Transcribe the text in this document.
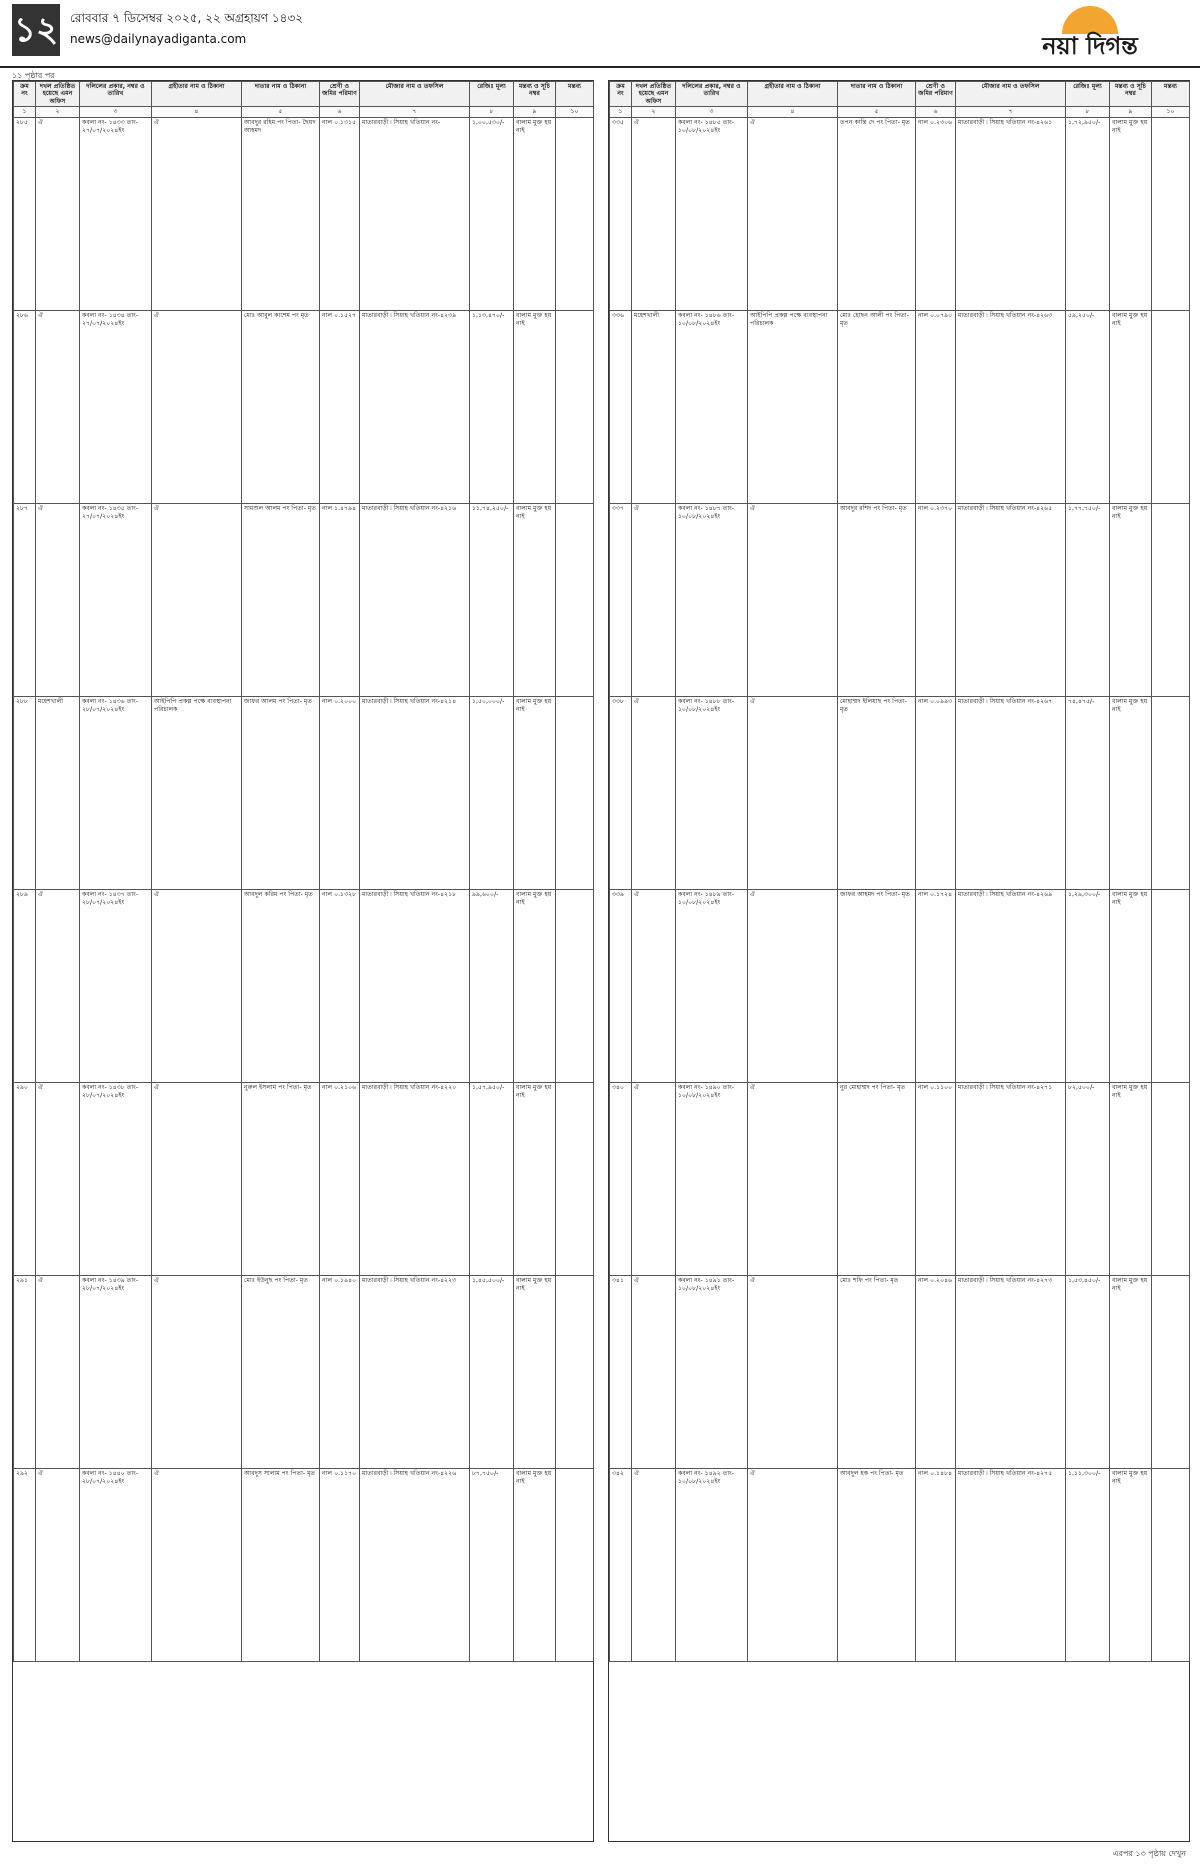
১২ রোববার ৭ ডিসেম্বর ২০২৫, ২২ অগ্রহায়ণ ১৪৩২
news@dailynayadiganta.com	নয়া দিগন্ত
১১ পৃষ্ঠার পর
ক্রম নং	দখল প্রতিষ্ঠিত হয়েছে এমন অফিস	দলিলের প্রকার, নম্বর ও তারিখ	গ্রহীতার নাম ও ঠিকানা	দাতার নাম ও ঠিকানা	শ্রেণী ও জমির পরিমাণ	মৌজার নাম ও তফসিল	রেজিঃ মূল্য	মন্তব্য ও সূচি নম্বর	মন্তব্য
১	২	৩	৪	৫	৬	৭	৮	৯	১০
২৮৫	ঐ	কবলা নং- ১৪৩৩ তাং- ২৭/০৭/২০২৪ইং	ঐ	আবদুর রহিম পং পিতা- ছৈয়দ আহমদ	নাল ০.১৩১৫	মাতারবাড়ী ৷ সিয়াহ খতিয়ান নং-	১,০০,৫৩০/-	বালাম মুক্ত হয় নাই	
২৮৬	ঐ	কবলা নং- ১৪৩৪ তাং- ২৭/০৭/২০২৪ইং	ঐ	মোঃ আবুল কাশেম পং মৃত	নাল ০.১৫২৭	মাতারবাড়ী ৷ সিয়াহ খতিয়ান নং-৪২৩৯	১,১৩,৪৭০/-	বালাম মুক্ত হয় নাই	
২৮৭	ঐ	কবলা নং- ১৪৩৫ তাং- ২৭/০৭/২০২৪ইং	ঐ	সামশুল আলম পং পিতা- মৃত	নাল ১.৪৭৯৪	মাতারবাড়ী ৷ সিয়াহ খতিয়ান নং-৪২১৬	১১,৭৪,২৫০/-	বালাম মুক্ত হয় নাই	
২৮৮	মহেশখালী	কবলা নং- ১৪৩৬ তাং- ২৮/০৭/২০২৪ইং	আইপিপি প্রকল্প পক্ষে ব্যবস্থাপনা পরিচালক	জাফর আলম পং পিতা- মৃত	নাল ০.২০০০	মাতারবাড়ী ৷ সিয়াহ খতিয়ান নং-৪২১৪	১,৫০,০০০/-	বালাম মুক্ত হয় নাই	
২৮৯	ঐ	কবলা নং- ১৪৩৭ তাং- ২৮/০৭/২০২৪ইং	ঐ	আবদুল করিম পং পিতা- মৃত	নাল ০.১৩২৮	মাতারবাড়ী ৷ সিয়াহ খতিয়ান নং-৪২১৮	৯৯,৬০০/-	বালাম মুক্ত হয় নাই	
২৯০	ঐ	কবলা নং- ১৪৩৮ তাং- ২৮/০৭/২০২৪ইং	ঐ	নুরুল ইসলাম পং পিতা- মৃত	নাল ০.২১০৬	মাতারবাড়ী ৷ সিয়াহ খতিয়ান নং-৪২২০	১,৫৭,৯৫০/-	বালাম মুক্ত হয় নাই	
২৯১	ঐ	কবলা নং- ১৪৩৯ তাং- ২৮/০৭/২০২৪ইং	ঐ	মোঃ ইউনুছ পং পিতা- মৃত	নাল ০.১৯৪০	মাতারবাড়ী ৷ সিয়াহ খতিয়ান নং-৪২২৩	১,৪৫,৫০০/-	বালাম মুক্ত হয় নাই	
২৯২	ঐ	কবলা নং- ১৪৪০ তাং- ২৮/০৭/২০২৪ইং	ঐ	আবদুস সালাম পং পিতা- মৃত	নাল ০.১১৭০	মাতারবাড়ী ৷ সিয়াহ খতিয়ান নং-৪২২৬	৮৭,৭৫০/-	বালাম মুক্ত হয় নাই	
ক্রম নং	দখল প্রতিষ্ঠিত হয়েছে এমন অফিস	দলিলের প্রকার, নম্বর ও তারিখ	গ্রহীতার নাম ও ঠিকানা	দাতার নাম ও ঠিকানা	শ্রেণী ও জমির পরিমাণ	মৌজার নাম ও তফসিল	রেজিঃ মূল্য	মন্তব্য ও সূচি নম্বর	মন্তব্য
১	২	৩	৪	৫	৬	৭	৮	৯	১০
৩৩৫	ঐ	কবলা নং- ১৪৮৫ তাং- ১০/০৮/২০২৪ইং	ঐ	তপন কান্তি দে পং পিতা- মৃত	নাল ০.২৩০৬	মাতারবাড়ী ৷ সিয়াহ খতিয়ান নং-৪২৬১	১,৭২,৯৫০/-	বালাম মুক্ত হয় নাই	
৩৩৬	মহেশখালী	কবলা নং- ১৪৮৬ তাং- ১০/০৮/২০২৪ইং	আইপিপি প্রকল্প পক্ষে ব্যবস্থাপনা পরিচালক	মোঃ হোছন আলী পং পিতা- মৃত	নাল ০.০৭৯০	মাতারবাড়ী ৷ সিয়াহ খতিয়ান নং-৪২৬৩	৫৯,২৫০/-	বালাম মুক্ত হয় নাই	
৩৩৭	ঐ	কবলা নং- ১৪৮৭ তাং- ১০/০৮/২০২৪ইং	ঐ	আবদুর রশিদ পং পিতা- মৃত	নাল ০.২৩৭০	মাতারবাড়ী ৷ সিয়াহ খতিয়ান নং-৪২৬৫	১,৭৭,৭৫০/-	বালাম মুক্ত হয় নাই	
৩৩৮	ঐ	কবলা নং- ১৪৮৮ তাং- ১০/০৮/২০২৪ইং	ঐ	মোহাম্মদ ইলিয়াছ পং পিতা- মৃত	নাল ০.০৯৯৩	মাতারবাড়ী ৷ সিয়াহ খতিয়ান নং-৪২৬৭	৭৪,৪৭৫/-	বালাম মুক্ত হয় নাই	
৩৩৯	ঐ	কবলা নং- ১৪৮৯ তাং- ১০/০৮/২০২৪ইং	ঐ	জাফর আহমদ পং পিতা- মৃত	নাল ০.১৭২৪	মাতারবাড়ী ৷ সিয়াহ খতিয়ান নং-৪২৬৯	১,২৯,৩০০/-	বালাম মুক্ত হয় নাই	
৩৪০	ঐ	কবলা নং- ১৪৯০ তাং- ১০/০৮/২০২৪ইং	ঐ	নুর মোহাম্মদ পং পিতা- মৃত	নাল ০.১১০০	মাতারবাড়ী ৷ সিয়াহ খতিয়ান নং-৪২৭১	৮২,৫০০/-	বালাম মুক্ত হয় নাই	
৩৪১	ঐ	কবলা নং- ১৪৯১ তাং- ১০/০৮/২০২৪ইং	ঐ	মোঃ শফি পং পিতা- মৃত	নাল ০.২০৪৬	মাতারবাড়ী ৷ সিয়াহ খতিয়ান নং-৪২৭৩	১,৫৩,৪৫০/-	বালাম মুক্ত হয় নাই	
৩৪২	ঐ	কবলা নং- ১৪৯২ তাং- ১০/০৮/২০২৪ইং	ঐ	আবদুল হক পং পিতা- মৃত	নাল ০.১৪৮৪	মাতারবাড়ী ৷ সিয়াহ খতিয়ান নং-৪২৭৫	১,১১,৩০০/-	বালাম মুক্ত হয় নাই	
এরপর ১৩ পৃষ্ঠায় দেখুন
